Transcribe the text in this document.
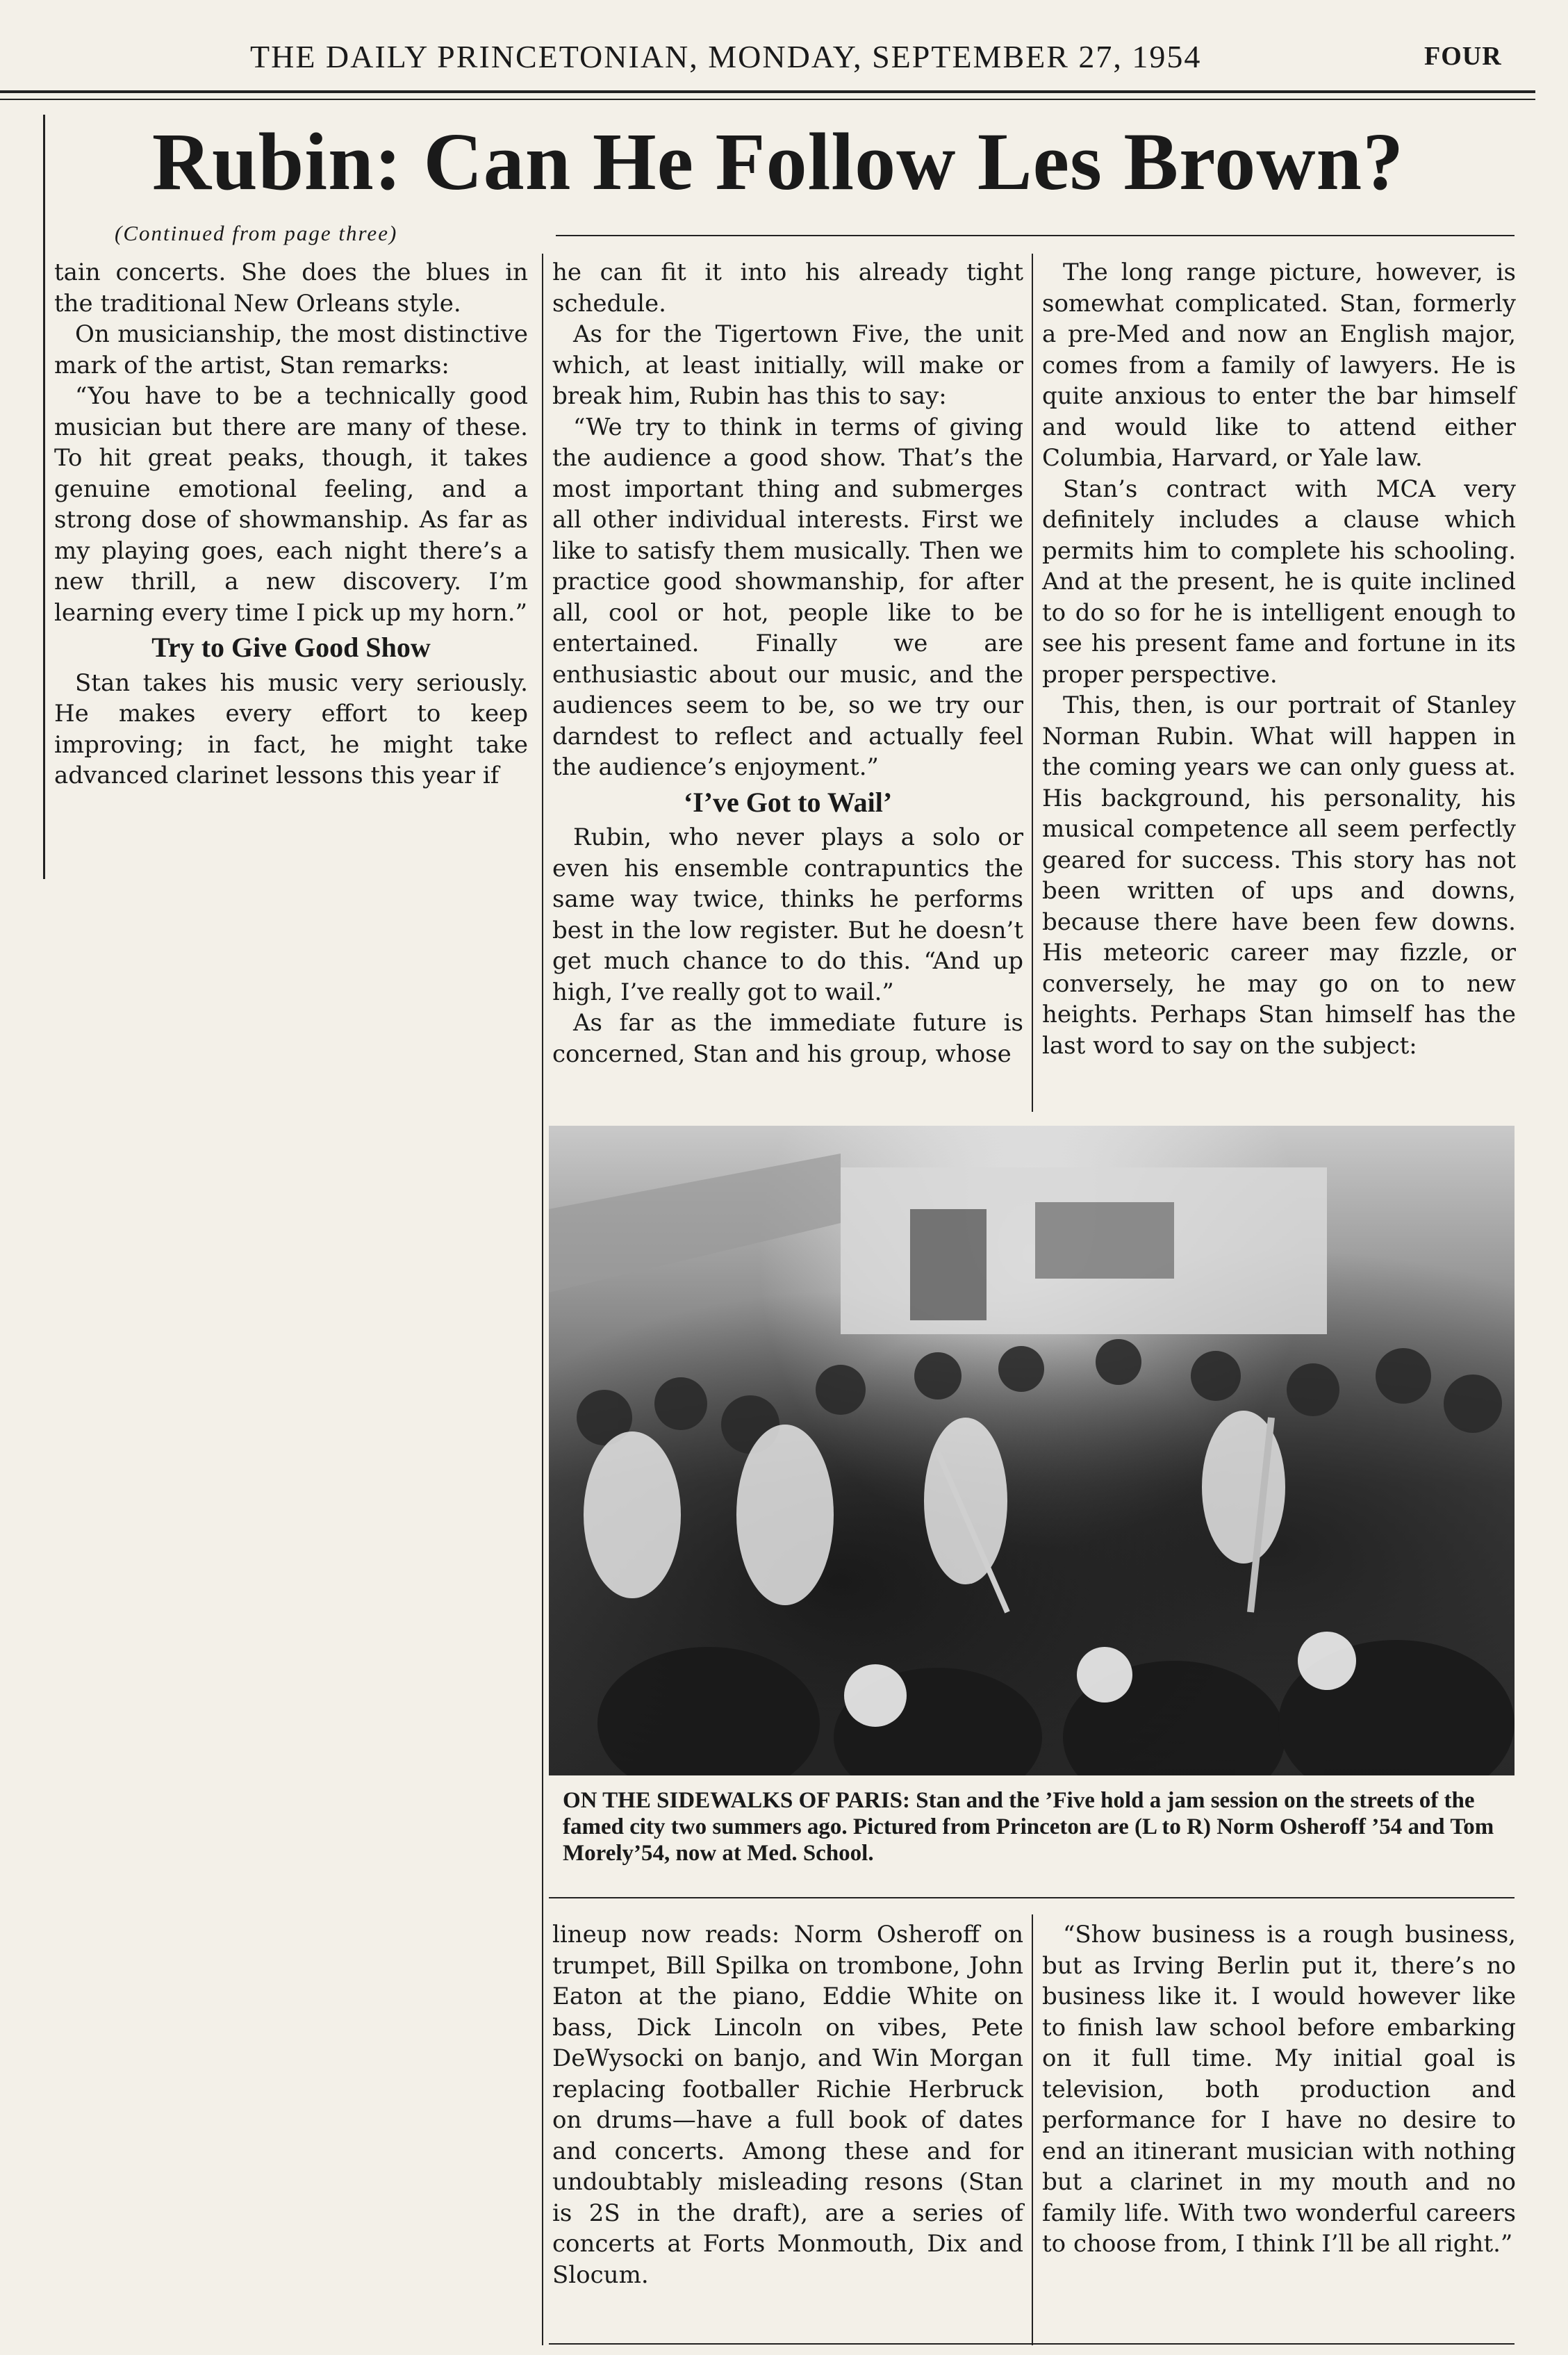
THE DAILY PRINCETONIAN, MONDAY, SEPTEMBER 27, 1954	FOUR
Rubin: Can He Follow Les Brown?
(Continued from page three)

tain concerts. She does the blues in the traditional New Orleans style.

On musicianship, the most distinctive mark of the artist, Stan remarks:

“You have to be a technically good musician but there are many of these. To hit great peaks, though, it takes genuine emotional feeling, and a strong dose of showmanship. As far as my playing goes, each night there’s a new thrill, a new discovery. I’m learning every time I pick up my horn.”

Try to Give Good Show

Stan takes his music very seriously. He makes every effort to keep improving; in fact, he might take advanced clarinet lessons this year if

he can fit it into his already tight schedule.

As for the Tigertown Five, the unit which, at least initially, will make or break him, Rubin has this to say:

“We try to think in terms of giving the audience a good show. That’s the most important thing and submerges all other individual interests. First we like to satisfy them musically. Then we practice good showmanship, for after all, cool or hot, people like to be entertained. Finally we are enthusiastic about our music, and the audiences seem to be, so we try our darndest to reflect and actually feel the audience’s enjoyment.”

‘I’ve Got to Wail’

Rubin, who never plays a solo or even his ensemble contrapuntics the same way twice, thinks he performs best in the low register. But he doesn’t get much chance to do this. “And up high, I’ve really got to wail.”

As far as the immediate future is concerned, Stan and his group, whose

The long range picture, however, is somewhat complicated. Stan, formerly a pre-Med and now an English major, comes from a family of lawyers. He is quite anxious to enter the bar himself and would like to attend either Columbia, Harvard, or Yale law.

Stan’s contract with MCA very definitely includes a clause which permits him to complete his schooling. And at the present, he is quite inclined to do so for he is intelligent enough to see his present fame and fortune in its proper perspective.

This, then, is our portrait of Stanley Norman Rubin. What will happen in the coming years we can only guess at. His background, his personality, his musical competence all seem perfectly geared for success. This story has not been written of ups and downs, because there have been few downs. His meteoric career may fizzle, or conversely, he may go on to new heights. Perhaps Stan himself has the last word to say on the subject:

ON THE SIDEWALKS OF PARIS: Stan and the ’Five hold a jam session on the streets of the famed city two summers ago. Pictured from Princeton are (L to R) Norm Osheroff ’54 and Tom Morely’54, now at Med. School.

lineup now reads: Norm Osheroff on trumpet, Bill Spilka on trombone, John Eaton at the piano, Eddie White on bass, Dick Lincoln on vibes, Pete DeWysocki on banjo, and Win Morgan replacing footballer Richie Herbruck on drums—have a full book of dates and concerts. Among these and for undoubtably misleading resons (Stan is 2S in the draft), are a series of concerts at Forts Monmouth, Dix and Slocum.

“Show business is a rough business, but as Irving Berlin put it, there’s no business like it. I would however like to finish law school before embarking on it full time. My initial goal is television, both production and performance for I have no desire to end an itinerant musician with nothing but a clarinet in my mouth and no family life. With two wonderful careers to choose from, I think I’ll be all right.”
